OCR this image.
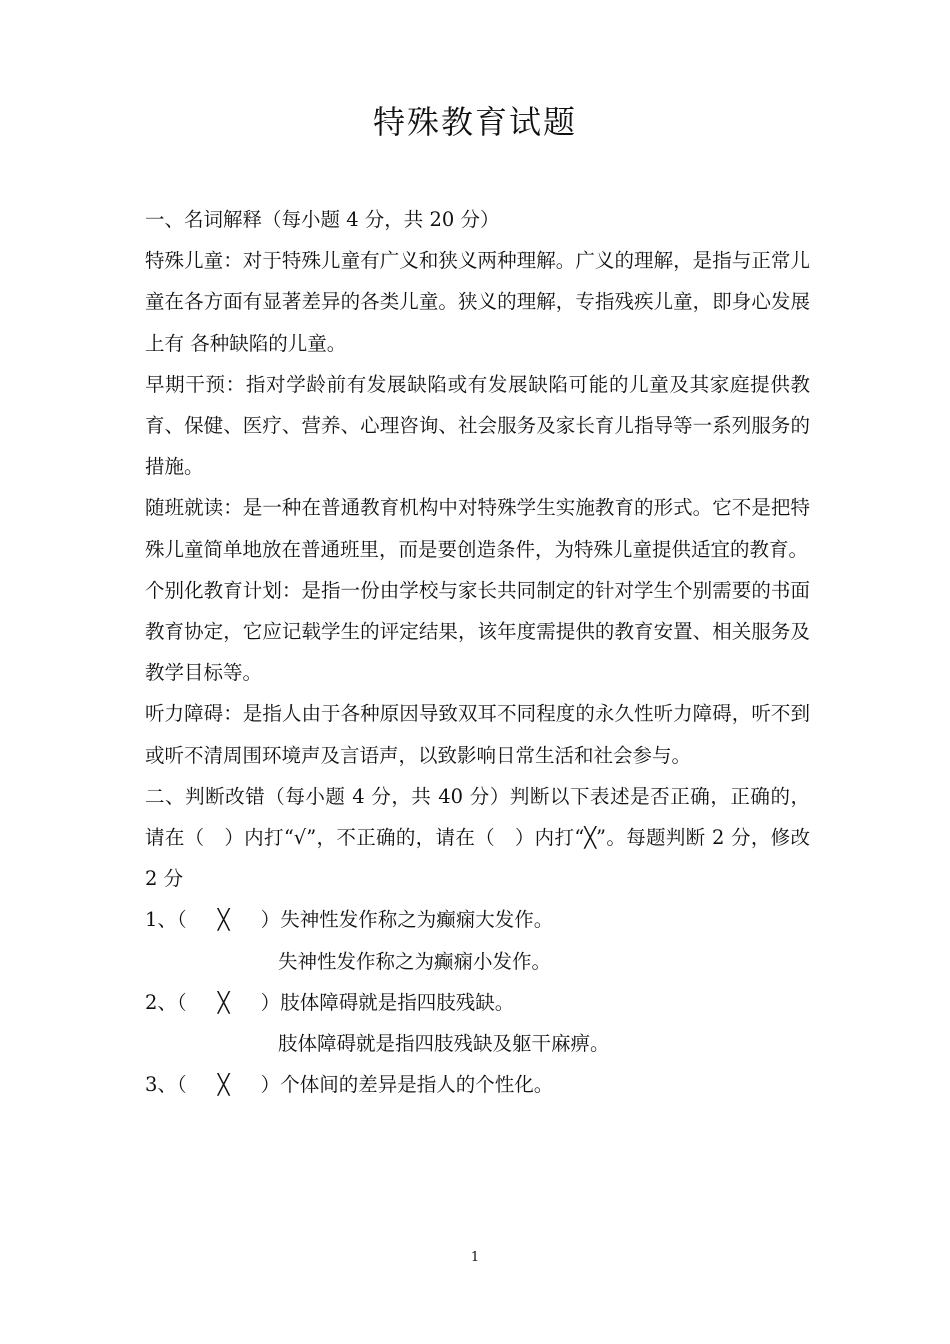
特殊教育试题

一、名词解释（每小题 4 分，共 20 分）

特殊儿童：对于特殊儿童有广义和狭义两种理解。广义的理解，是指与正常儿童在各方面有显著差异的各类儿童。狭义的理解，专指残疾儿童，即身心发展上有 各种缺陷的儿童。

早期干预：指对学龄前有发展缺陷或有发展缺陷可能的儿童及其家庭提供教育、保健、医疗、营养、心理咨询、社会服务及家长育儿指导等一系列服务的措施。

随班就读：是一种在普通教育机构中对特殊学生实施教育的形式。它不是把特殊儿童简单地放在普通班里，而是要创造条件，为特殊儿童提供适宜的教育。

个别化教育计划：是指一份由学校与家长共同制定的针对学生个别需要的书面教育协定，它应记载学生的评定结果，该年度需提供的教育安置、相关服务及教学目标等。

听力障碍：是指人由于各种原因导致双耳不同程度的永久性听力障碍，听不到或听不清周围环境声及言语声，以致影响日常生活和社会参与。

二、判断改错（每小题 4 分，共 40 分）判断以下表述是否正确，正确的，请在（　）内打“√”，不正确的，请在（　）内打“╳”。每题判断 2 分，修改 2 分

1、（ ╳ ）失神性发作称之为癫痫大发作。

失神性发作称之为癫痫小发作。

2、（ ╳ ）肢体障碍就是指四肢残缺。

肢体障碍就是指四肢残缺及躯干麻痹。

3、（ ╳ ）个体间的差异是指人的个性化。

1
